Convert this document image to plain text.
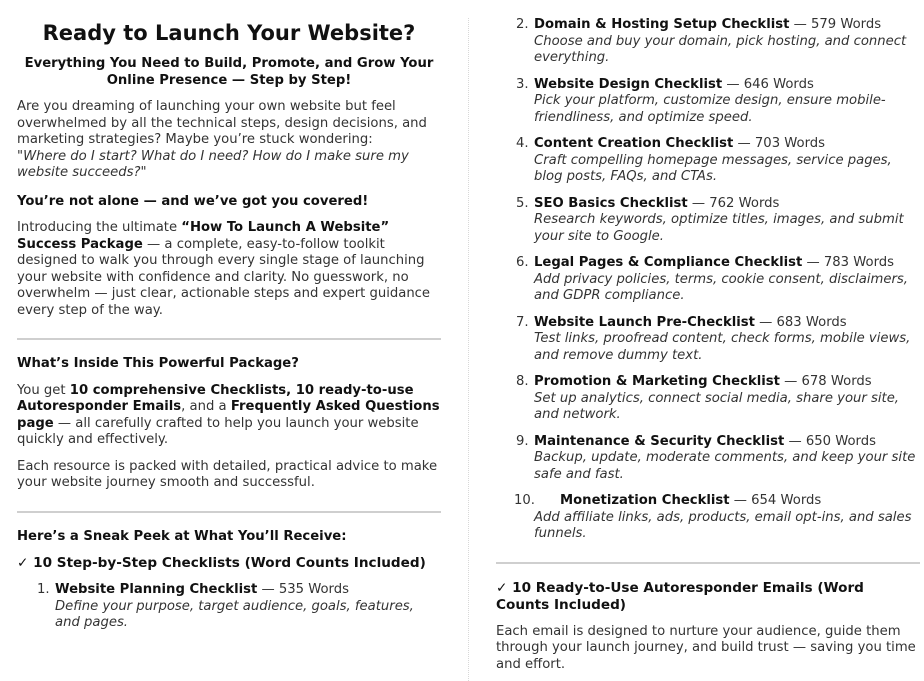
Ready to Launch Your Website?

Everything You Need to Build, Promote, and Grow Your Online Presence — Step by Step!

Are you dreaming of launching your own website but feel overwhelmed by all the technical steps, design decisions, and marketing strategies? Maybe you’re stuck wondering:
"Where do I start? What do I need? How do I make sure my website succeeds?"

You’re not alone — and we’ve got you covered!

Introducing the ultimate “How To Launch A Website” Success Package — a complete, easy-to-follow toolkit designed to walk you through every single stage of launching your website with confidence and clarity. No guesswork, no overwhelm — just clear, actionable steps and expert guidance every step of the way.

What’s Inside This Powerful Package?

You get 10 comprehensive Checklists, 10 ready-to-use Autoresponder Emails, and a Frequently Asked Questions page — all carefully crafted to help you launch your website quickly and effectively.

Each resource is packed with detailed, practical advice to make your website journey smooth and successful.

Here’s a Sneak Peek at What You’ll Receive:

✓ 10 Step-by-Step Checklists (Word Counts Included)

1. Website Planning Checklist — 535 Words
Define your purpose, target audience, goals, features, and pages.
2. Domain & Hosting Setup Checklist — 579 Words
Choose and buy your domain, pick hosting, and connect everything.
3. Website Design Checklist — 646 Words
Pick your platform, customize design, ensure mobile-friendliness, and optimize speed.
4. Content Creation Checklist — 703 Words
Craft compelling homepage messages, service pages, blog posts, FAQs, and CTAs.
5. SEO Basics Checklist — 762 Words
Research keywords, optimize titles, images, and submit your site to Google.
6. Legal Pages & Compliance Checklist — 783 Words
Add privacy policies, terms, cookie consent, disclaimers, and GDPR compliance.
7. Website Launch Pre-Checklist — 683 Words
Test links, proofread content, check forms, mobile views, and remove dummy text.
8. Promotion & Marketing Checklist — 678 Words
Set up analytics, connect social media, share your site, and network.
9. Maintenance & Security Checklist — 650 Words
Backup, update, moderate comments, and keep your site safe and fast.
10. Monetization Checklist — 654 Words
Add affiliate links, ads, products, email opt-ins, and sales funnels.

✓ 10 Ready-to-Use Autoresponder Emails (Word Counts Included)

Each email is designed to nurture your audience, guide them through your launch journey, and build trust — saving you time and effort.
